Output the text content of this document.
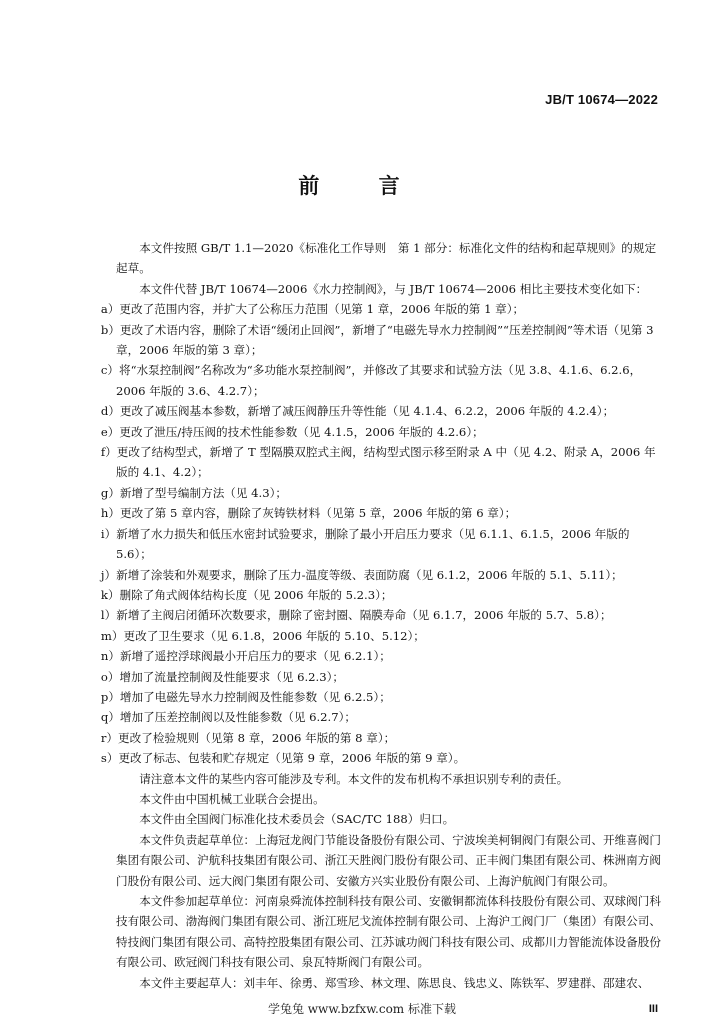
JB/T 10674—2022
前 言

本文件按照 GB/T 1.1—2020《标准化工作导则　第 1 部分：标准化文件的结构和起草规则》的规定起草。

本文件代替 JB/T 10674—2006《水力控制阀》，与 JB/T 10674—2006 相比主要技术变化如下：

a）更改了范围内容，并扩大了公称压力范围（见第 1 章，2006 年版的第 1 章）；

b）更改了术语内容，删除了术语“缓闭止回阀”，新增了“电磁先导水力控制阀”“压差控制阀”等术语（见第 3 章，2006 年版的第 3 章）；

c）将“水泵控制阀”名称改为“多功能水泵控制阀”，并修改了其要求和试验方法（见 3.8、4.1.6、6.2.6，2006 年版的 3.6、4.2.7）；

d）更改了减压阀基本参数，新增了减压阀静压升等性能（见 4.1.4、6.2.2，2006 年版的 4.2.4）；

e）更改了泄压/持压阀的技术性能参数（见 4.1.5，2006 年版的 4.2.6）；

f）更改了结构型式，新增了 T 型隔膜双腔式主阀，结构型式图示移至附录 A 中（见 4.2、附录 A，2006 年版的 4.1、4.2）；

g）新增了型号编制方法（见 4.3）；

h）更改了第 5 章内容，删除了灰铸铁材料（见第 5 章，2006 年版的第 6 章）；

i）新增了水力损失和低压水密封试验要求，删除了最小开启压力要求（见 6.1.1、6.1.5，2006 年版的 5.6）；

j）新增了涂装和外观要求，删除了压力-温度等级、表面防腐（见 6.1.2，2006 年版的 5.1、5.11）；

k）删除了角式阀体结构长度（见 2006 年版的 5.2.3）；

l）新增了主阀启闭循环次数要求，删除了密封圈、隔膜寿命（见 6.1.7，2006 年版的 5.7、5.8）；

m）更改了卫生要求（见 6.1.8，2006 年版的 5.10、5.12）；

n）新增了遥控浮球阀最小开启压力的要求（见 6.2.1）；

o）增加了流量控制阀及性能要求（见 6.2.3）；

p）增加了电磁先导水力控制阀及性能参数（见 6.2.5）；

q）增加了压差控制阀以及性能参数（见 6.2.7）；

r）更改了检验规则（见第 8 章，2006 年版的第 8 章）；

s）更改了标志、包装和贮存规定（见第 9 章，2006 年版的第 9 章）。

请注意本文件的某些内容可能涉及专利。本文件的发布机构不承担识别专利的责任。

本文件由中国机械工业联合会提出。

本文件由全国阀门标准化技术委员会（SAC/TC 188）归口。

本文件负责起草单位：上海冠龙阀门节能设备股份有限公司、宁波埃美柯铜阀门有限公司、开维喜阀门集团有限公司、沪航科技集团有限公司、浙江天胜阀门股份有限公司、正丰阀门集团有限公司、株洲南方阀门股份有限公司、远大阀门集团有限公司、安徽方兴实业股份有限公司、上海沪航阀门有限公司。

本文件参加起草单位：河南泉舜流体控制科技有限公司、安徽铜都流体科技股份有限公司、双球阀门科技有限公司、渤海阀门集团有限公司、浙江班尼戈流体控制有限公司、上海沪工阀门厂（集团）有限公司、特技阀门集团有限公司、高特控股集团有限公司、江苏诚功阀门科技有限公司、成都川力智能流体设备股份有限公司、欧冠阀门科技有限公司、泉瓦特斯阀门有限公司。

本文件主要起草人：刘丰年、徐勇、郑雪珍、林文理、陈思良、钱忠义、陈铁军、罗建群、邵建农、

III
学兔兔 www.bzfxw.com 标准下载
